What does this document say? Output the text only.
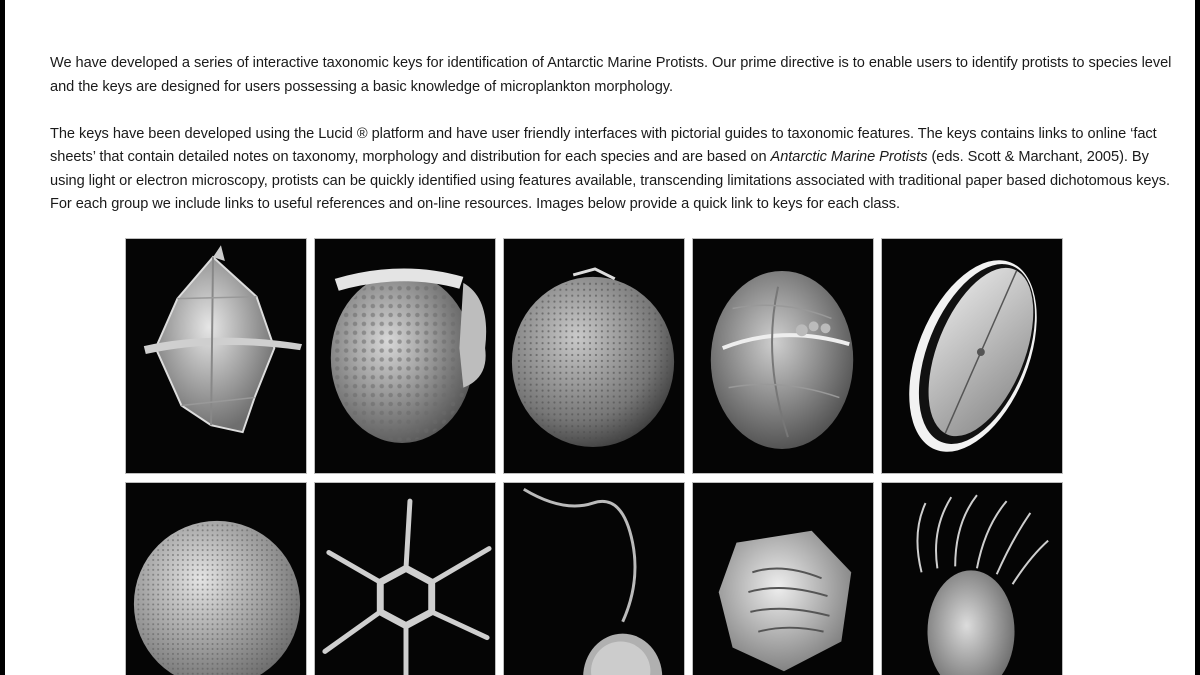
We have developed a series of interactive taxonomic keys for identification of Antarctic Marine Protists. Our prime directive is to enable users to identify protists to species level and the keys are designed for users possessing a basic knowledge of microplankton morphology.

The keys have been developed using the Lucid ® platform and have user friendly interfaces with pictorial guides to taxonomic features. The keys contains links to online ‘fact sheets’ that contain detailed notes on taxonomy, morphology and distribution for each species and are based on Antarctic Marine Protists (eds. Scott & Marchant, 2005). By using light or electron microscopy, protists can be quickly identified using features available, transcending limitations associated with traditional paper based dichotomous keys. For each group we include links to useful references and on-line resources. Images below provide a quick link to keys for each class.
